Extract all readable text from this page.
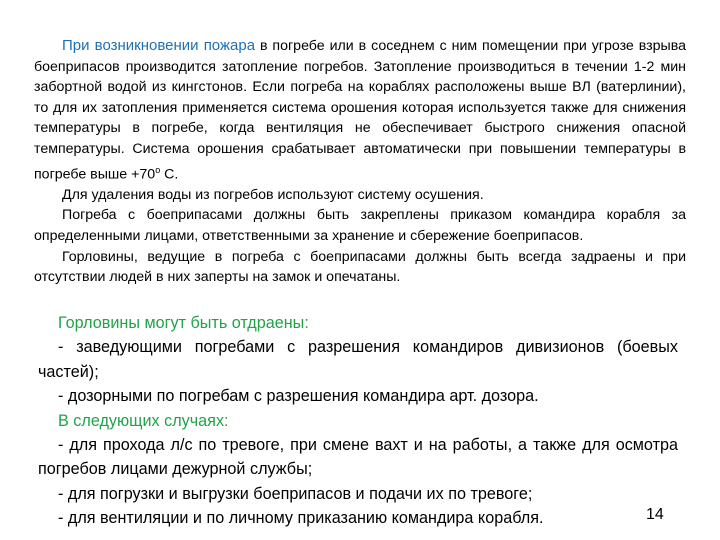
При возникновении пожара в погребе или в соседнем с ним помещении при угрозе взрыва боеприпасов производится затопление погребов. Затопление производиться в течении 1-2 мин забортной водой из кингстонов. Если погреба на кораблях расположены выше ВЛ (ватерлинии), то для их затопления применяется система орошения которая используется также для снижения температуры в погребе, когда вентиляция не обеспечивает быстрого снижения опасной температуры. Система орошения срабатывает автоматически при повышении температуры в погребе выше $+70^о$ С.

Для удаления воды из погребов используют систему осушения.

Погреба с боеприпасами должны быть закреплены приказом командира корабля за определенными лицами, ответственными за хранение и сбережение боеприпасов.

Горловины, ведущие в погреба с боеприпасами должны быть всегда задраены и при отсутствии людей в них заперты на замок и опечатаны.

Горловины могут быть отдраены:

- заведующими погребами с разрешения командиров дивизионов (боевых частей);

- дозорными по погребам с разрешения командира арт. дозора.

В следующих случаях:

- для прохода л/с по тревоге, при смене вахт и на работы, а также для осмотра погребов лицами дежурной службы;

- для погрузки и выгрузки боеприпасов и подачи их по тревоге;

- для вентиляции и по личному приказанию командира корабля.	14
